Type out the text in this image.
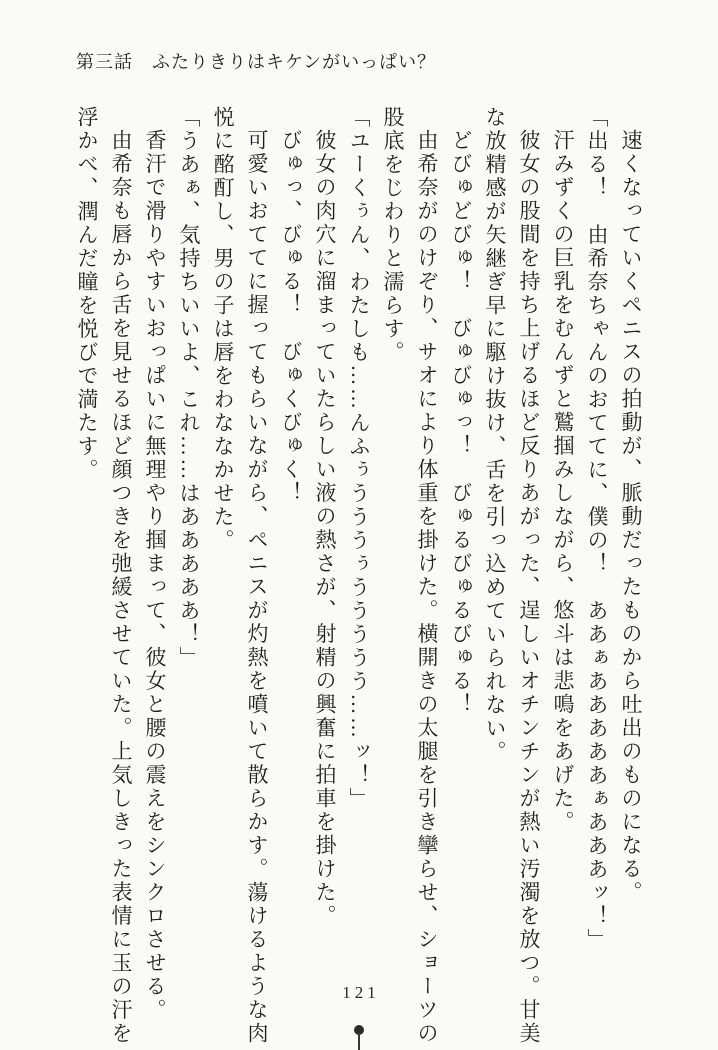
第三話　ふたりきりはキケンがいっぱい？

速くなっていくペニスの拍動が、脈動だったものから吐出のものになる。

「出る！　由希奈ちゃんのおててに、僕の！　ああぁあああああぁあああッ！」

汗みずくの巨乳をむんずと鷲掴みしながら、悠斗は悲鳴をあげた。

彼女の股間を持ち上げるほど反りあがった、逞しいオチンチンが熱い汚濁を放つ。甘美な放精感が矢継ぎ早に駆け抜け、舌を引っ込めていられない。

どびゅどびゅ！　びゅびゅっ！　びゅるびゅるびゅる！

由希奈がのけぞり、サオにより体重を掛けた。横開きの太腿を引き攣らせ、ショーツの股底をじわりと濡らす。

「ユーくぅん、わたしも……んふぅうううぅううううう……ッ！」

彼女の肉穴に溜まっていたらしい液の熱さが、射精の興奮に拍車を掛けた。

びゅっ、びゅる！　びゅくびゅく！

可愛いおててに握ってもらいながら、ペニスが灼熱を噴いて散らかす。蕩けるような肉悦に酩酊し、男の子は唇をわななかせた。

「うあぁ、気持ちいいよ、これ……はあああああ！」

香汗で滑りやすいおっぱいに無理やり掴まって、彼女と腰の震えをシンクロさせる。

由希奈も唇から舌を見せるほど顔つきを弛緩させていた。上気しきった表情に玉の汗を浮かべ、潤んだ瞳を悦びで満たす。

121
